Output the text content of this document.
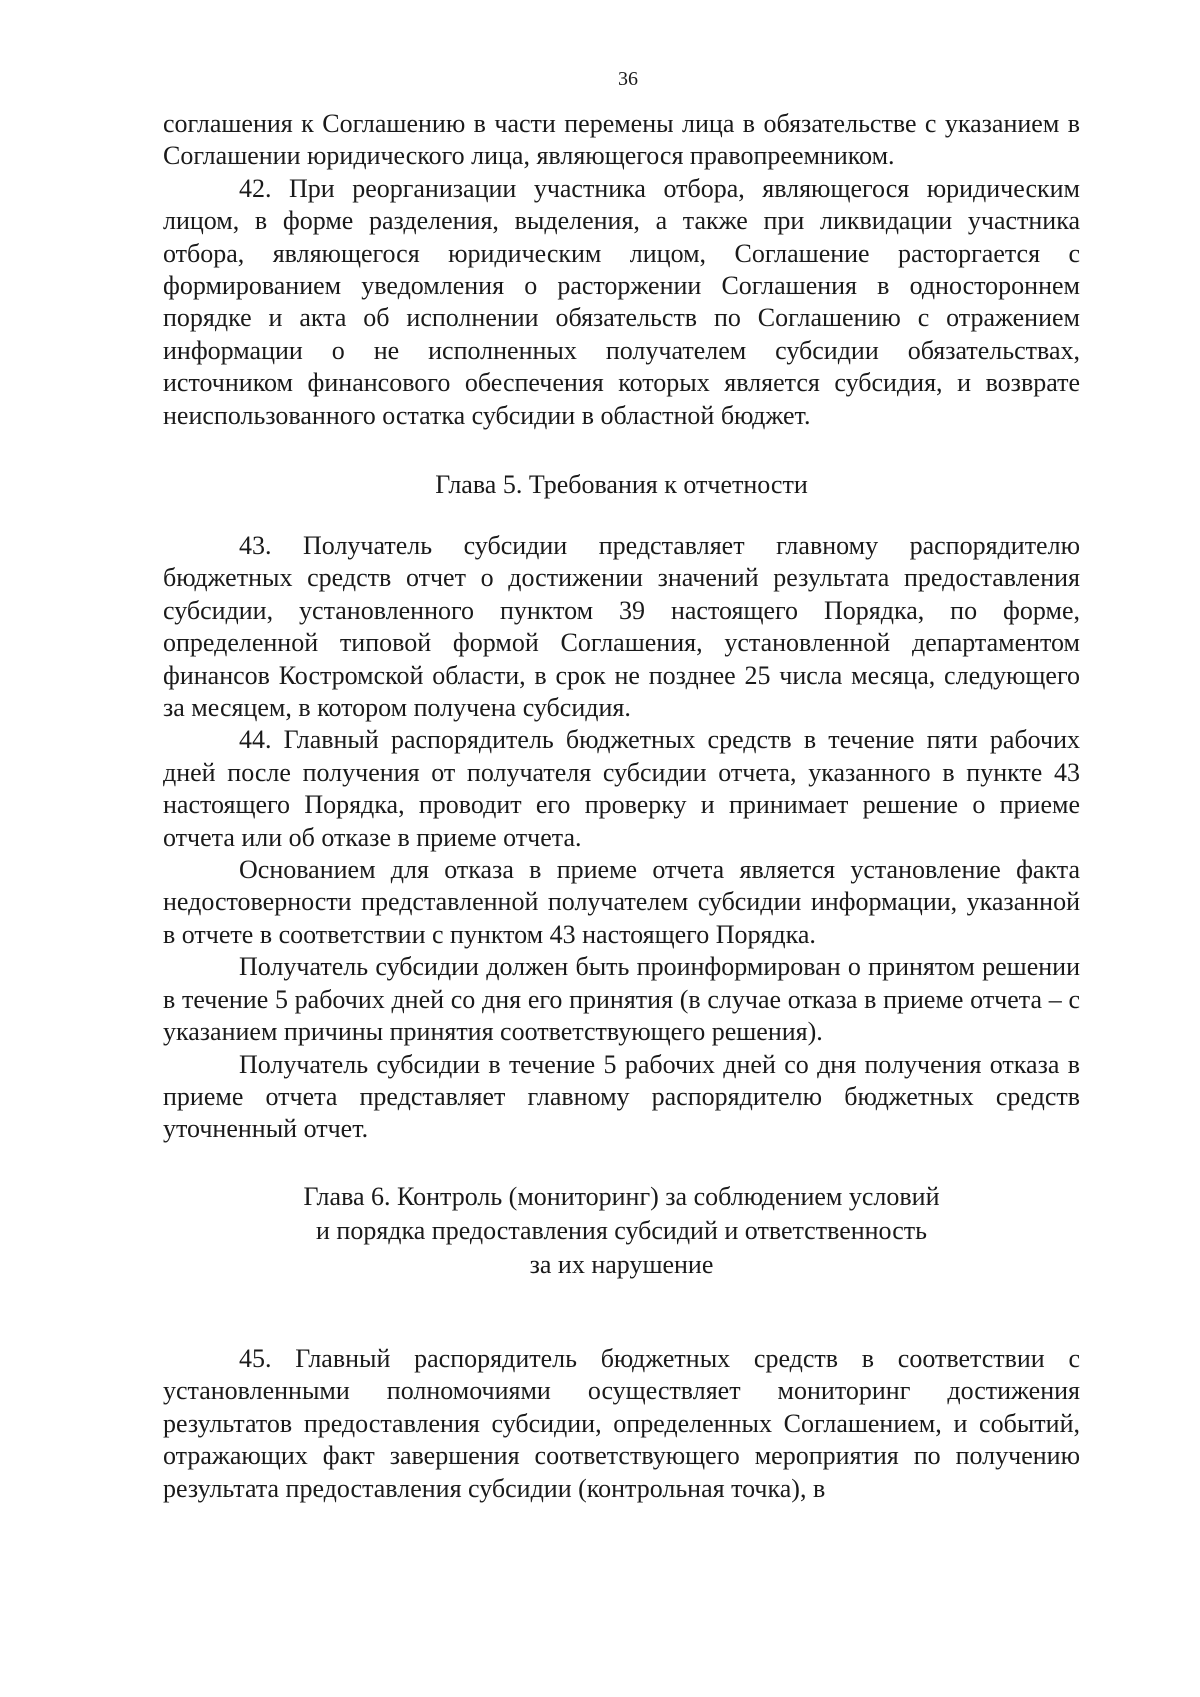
36

соглашения к Соглашению в части перемены лица в обязательстве с указанием в Соглашении юридического лица, являющегося правопреемником.

42. При реорганизации участника отбора, являющегося юридическим лицом, в форме разделения, выделения, а также при ликвидации участника отбора, являющегося юридическим лицом, Соглашение расторгается с формированием уведомления о расторжении Соглашения в одностороннем порядке и акта об исполнении обязательств по Соглашению с отражением информации о не исполненных получателем субсидии обязательствах, источником финансового обеспечения которых является субсидия, и возврате неиспользованного остатка субсидии в областной бюджет.

Глава 5. Требования к отчетности

43. Получатель субсидии представляет главному распорядителю бюджетных средств отчет о достижении значений результата предоставления субсидии, установленного пунктом 39 настоящего Порядка, по форме, определенной типовой формой Соглашения, установленной департаментом финансов Костромской области, в срок не позднее 25 числа месяца, следующего за месяцем, в котором получена субсидия.

44. Главный распорядитель бюджетных средств в течение пяти рабочих дней после получения от получателя субсидии отчета, указанного в пункте 43 настоящего Порядка, проводит его проверку и принимает решение о приеме отчета или об отказе в приеме отчета.

Основанием для отказа в приеме отчета является установление факта недостоверности представленной получателем субсидии информации, указанной в отчете в соответствии с пунктом 43 настоящего Порядка.

Получатель субсидии должен быть проинформирован о принятом решении в течение 5 рабочих дней со дня его принятия (в случае отказа в приеме отчета – с указанием причины принятия соответствующего решения).

Получатель субсидии в течение 5 рабочих дней со дня получения отказа в приеме отчета представляет главному распорядителю бюджетных средств уточненный отчет.

Глава 6. Контроль (мониторинг) за соблюдением условий
и порядка предоставления субсидий и ответственность
за их нарушение

45. Главный распорядитель бюджетных средств в соответствии с установленными полномочиями осуществляет мониторинг достижения результатов предоставления субсидии, определенных Соглашением, и событий, отражающих факт завершения соответствующего мероприятия по получению результата предоставления субсидии (контрольная точка), в
